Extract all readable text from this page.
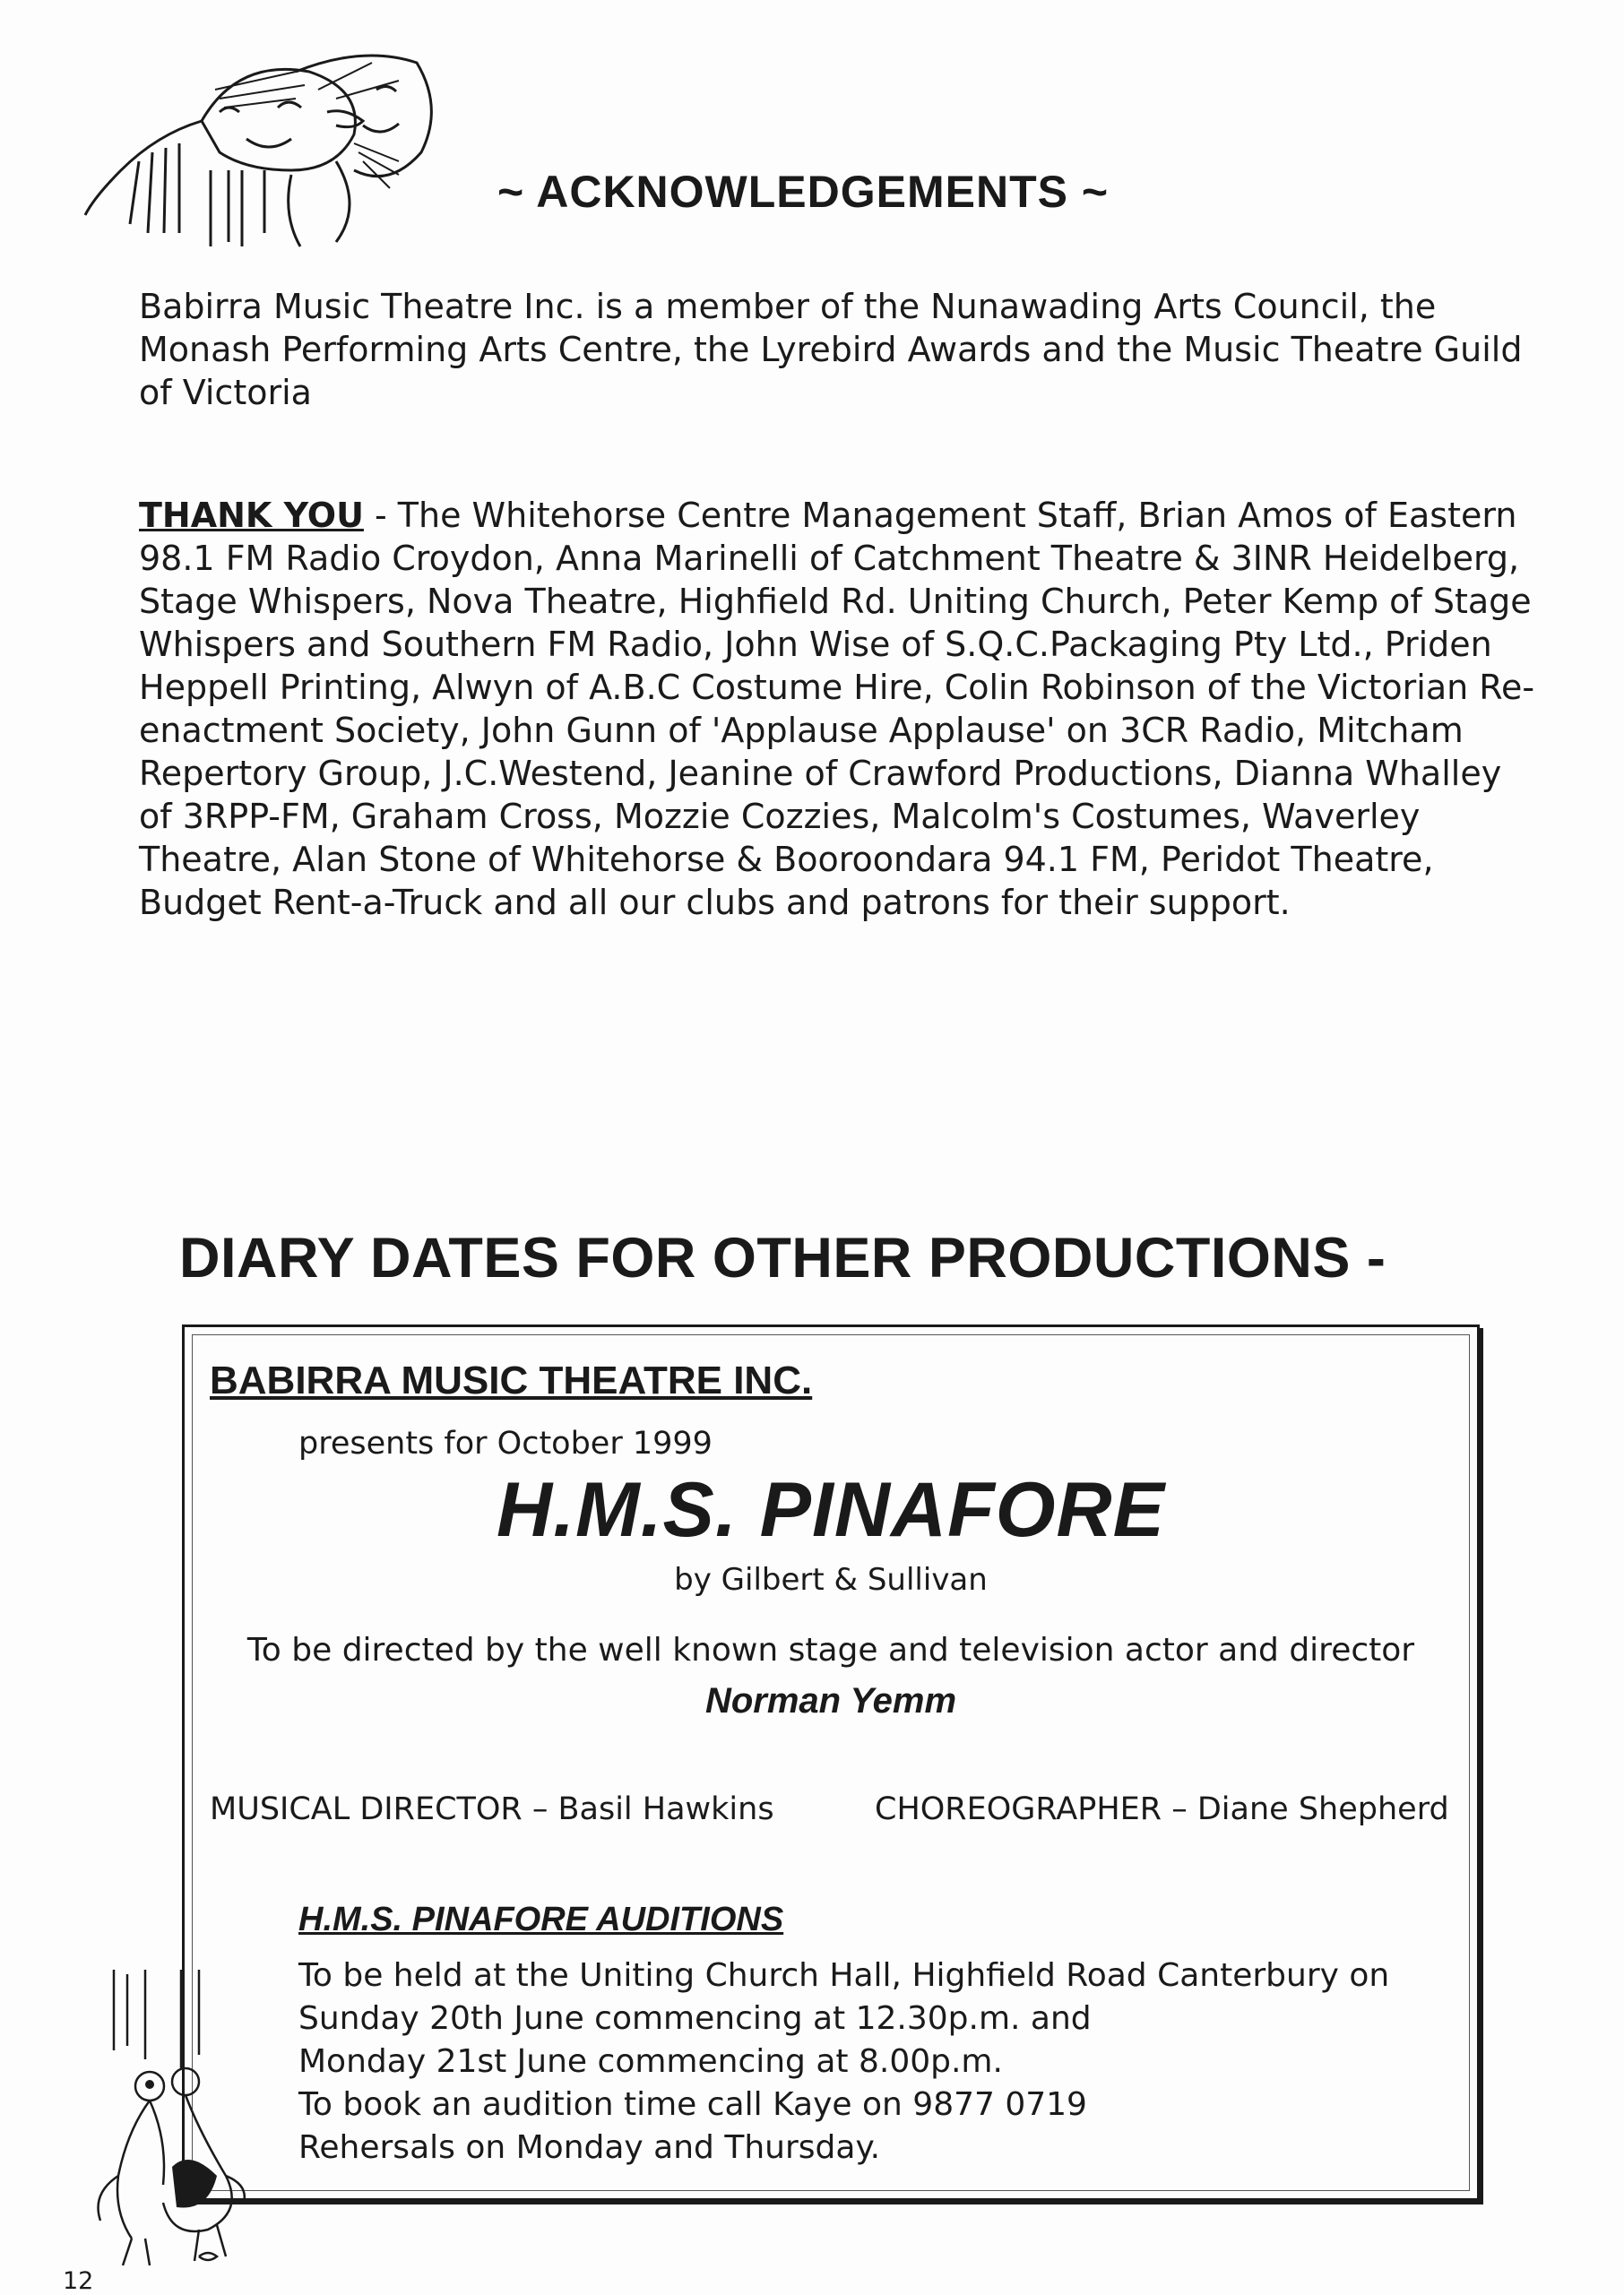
~ ACKNOWLEDGEMENTS ~

Babirra Music Theatre Inc. is a member of the Nunawading Arts Council, the Monash Performing Arts Centre, the Lyrebird Awards and the Music Theatre Guild of Victoria

THANK YOU - The Whitehorse Centre Management Staff, Brian Amos of Eastern 98.1 FM Radio Croydon, Anna Marinelli of Catchment Theatre & 3INR Heidelberg, Stage Whispers, Nova Theatre, Highfield Rd. Uniting Church, Peter Kemp of Stage Whispers and Southern FM Radio, John Wise of S.Q.C.Packaging Pty Ltd., Priden Heppell Printing, Alwyn of A.B.C Costume Hire, Colin Robinson of the Victorian Re-enactment Society, John Gunn of 'Applause Applause' on 3CR Radio, Mitcham Repertory Group, J.C.Westend, Jeanine of Crawford Productions, Dianna Whalley of 3RPP-FM, Graham Cross, Mozzie Cozzies, Malcolm's Costumes, Waverley Theatre, Alan Stone of Whitehorse & Booroondara 94.1 FM, Peridot Theatre, Budget Rent-a-Truck and all our clubs and patrons for their support.

DIARY DATES FOR OTHER PRODUCTIONS -
BABIRRA MUSIC THEATRE INC.
presents for October 1999
H.M.S. PINAFORE
by Gilbert & Sullivan
To be directed by the well known stage and television actor and director
Norman Yemm
MUSICAL DIRECTOR – Basil Hawkins	CHOREOGRAPHER – Diane Shepherd
H.M.S. PINAFORE AUDITIONS
To be held at the Uniting Church Hall, Highfield Road Canterbury on
Sunday 20th June commencing at 12.30p.m. and
Monday 21st June commencing at 8.00p.m.
To book an audition time call Kaye on 9877 0719
Rehersals on Monday and Thursday.
12
